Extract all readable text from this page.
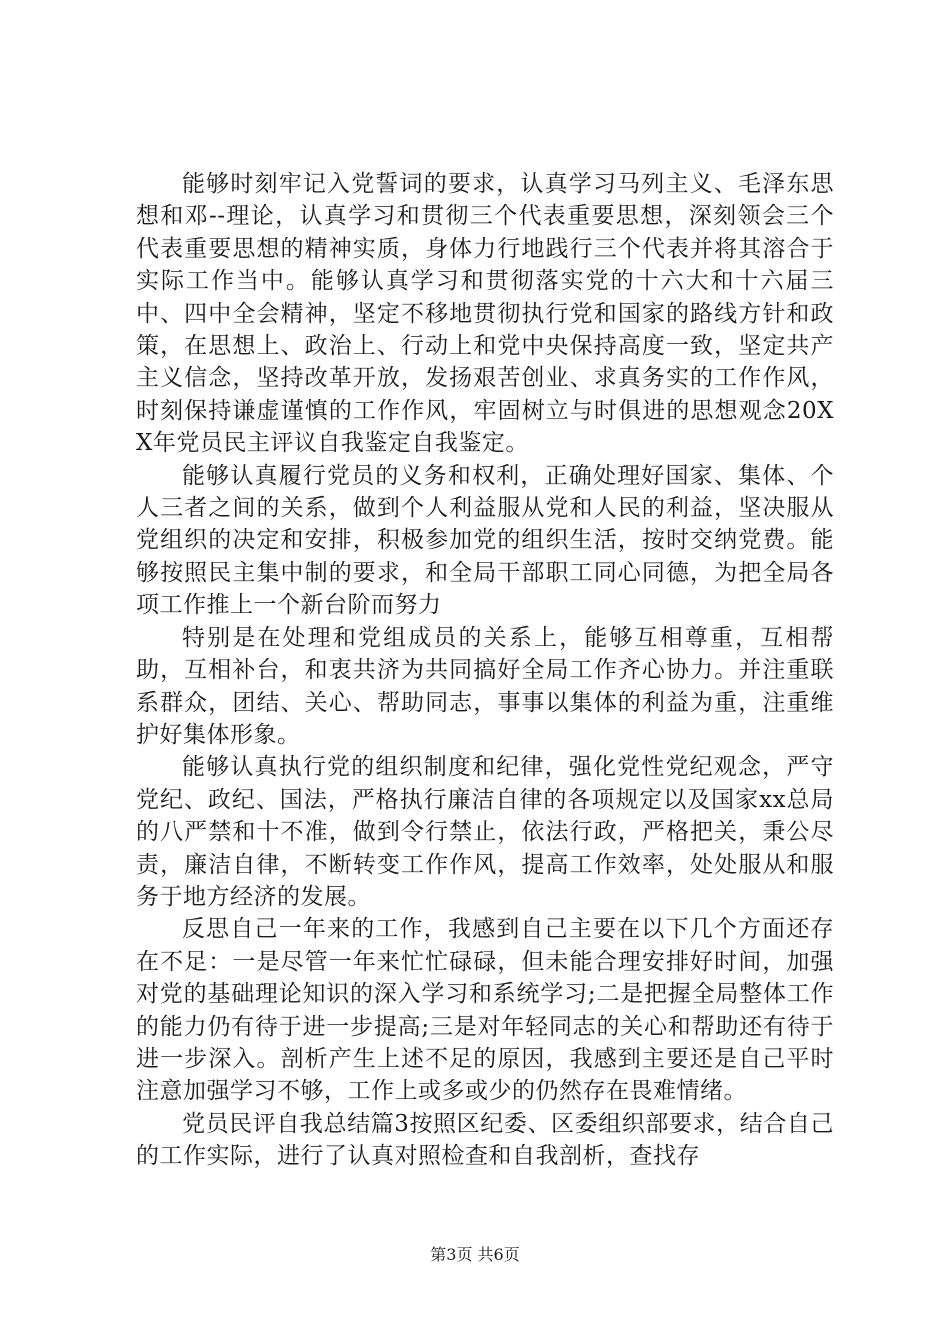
能够时刻牢记入党誓词的要求，认真学习马列主义、毛泽东思想和邓--理论，认真学习和贯彻三个代表重要思想，深刻领会三个代表重要思想的精神实质，身体力行地践行三个代表并将其溶合于实际工作当中。能够认真学习和贯彻落实党的十六大和十六届三中、四中全会精神，坚定不移地贯彻执行党和国家的路线方针和政策，在思想上、政治上、行动上和党中央保持高度一致，坚定共产主义信念，坚持改革开放，发扬艰苦创业、求真务实的工作作风，时刻保持谦虚谨慎的工作作风，牢固树立与时俱进的思想观念20XX年党员民主评议自我鉴定自我鉴定。

能够认真履行党员的义务和权利，正确处理好国家、集体、个人三者之间的关系，做到个人利益服从党和人民的利益，坚决服从党组织的决定和安排，积极参加党的组织生活，按时交纳党费。能够按照民主集中制的要求，和全局干部职工同心同德，为把全局各项工作推上一个新台阶而努力

特别是在处理和党组成员的关系上，能够互相尊重，互相帮助，互相补台，和衷共济为共同搞好全局工作齐心协力。并注重联系群众，团结、关心、帮助同志，事事以集体的利益为重，注重维护好集体形象。

能够认真执行党的组织制度和纪律，强化党性党纪观念，严守党纪、政纪、国法，严格执行廉洁自律的各项规定以及国家xx总局的八严禁和十不准，做到令行禁止，依法行政，严格把关，秉公尽责，廉洁自律，不断转变工作作风，提高工作效率，处处服从和服务于地方经济的发展。

反思自己一年来的工作，我感到自己主要在以下几个方面还存在不足：一是尽管一年来忙忙碌碌，但未能合理安排好时间，加强对党的基础理论知识的深入学习和系统学习;二是把握全局整体工作的能力仍有待于进一步提高;三是对年轻同志的关心和帮助还有待于进一步深入。剖析产生上述不足的原因，我感到主要还是自己平时注意加强学习不够，工作上或多或少的仍然存在畏难情绪。

党员民评自我总结篇3按照区纪委、区委组织部要求，结合自己的工作实际，进行了认真对照检查和自我剖析，查找存

第3页 共6页
